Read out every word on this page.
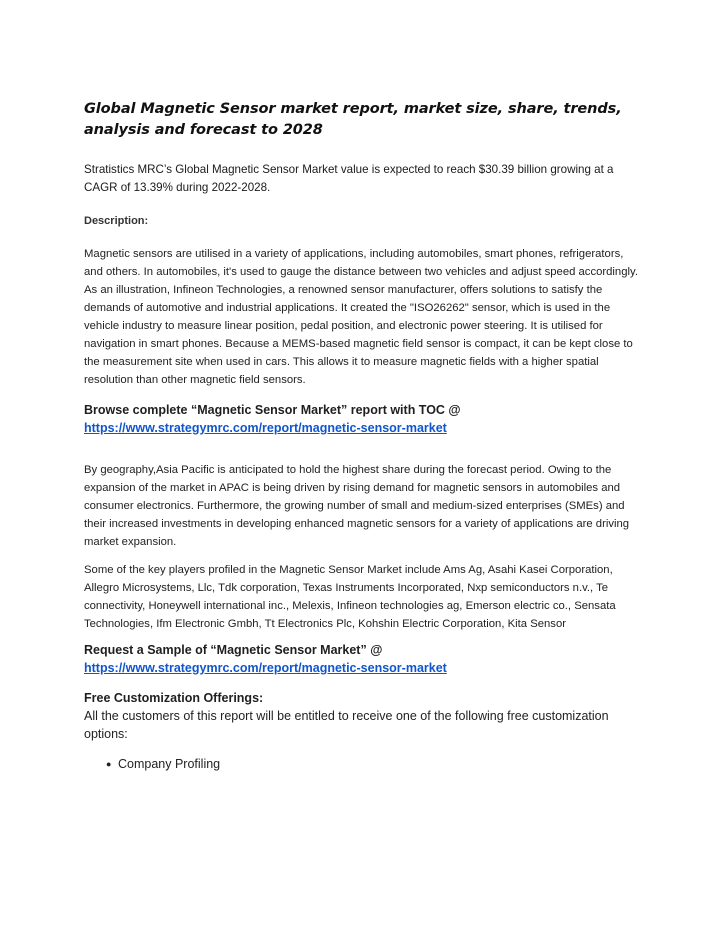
Global Magnetic Sensor market report, market size, share, trends, analysis and forecast to 2028

Stratistics MRC’s Global Magnetic Sensor Market value is expected to reach $30.39 billion growing at a CAGR of 13.39% during 2022-2028.

Description:

Magnetic sensors are utilised in a variety of applications, including automobiles, smart phones, refrigerators, and others. In automobiles, it's used to gauge the distance between two vehicles and adjust speed accordingly. As an illustration, Infineon Technologies, a renowned sensor manufacturer, offers solutions to satisfy the demands of automotive and industrial applications. It created the "ISO26262" sensor, which is used in the vehicle industry to measure linear position, pedal position, and electronic power steering. It is utilised for navigation in smart phones. Because a MEMS-based magnetic field sensor is compact, it can be kept close to the measurement site when used in cars. This allows it to measure magnetic fields with a higher spatial resolution than other magnetic field sensors.

Browse complete “Magnetic Sensor Market” report with TOC @
https://www.strategymrc.com/report/magnetic-sensor-market

By geography,Asia Pacific is anticipated to hold the highest share during the forecast period. Owing to the expansion of the market in APAC is being driven by rising demand for magnetic sensors in automobiles and consumer electronics. Furthermore, the growing number of small and medium-sized enterprises (SMEs) and their increased investments in developing enhanced magnetic sensors for a variety of applications are driving market expansion.

Some of the key players profiled in the Magnetic Sensor Market include Ams Ag, Asahi Kasei Corporation, Allegro Microsystems, Llc, Tdk corporation, Texas Instruments Incorporated, Nxp semiconductors n.v., Te connectivity, Honeywell international inc., Melexis, Infineon technologies ag, Emerson electric co., Sensata Technologies, Ifm Electronic Gmbh, Tt Electronics Plc, Kohshin Electric Corporation, Kita Sensor

Request a Sample of “Magnetic Sensor Market” @
https://www.strategymrc.com/report/magnetic-sensor-market
Free Customization Offerings:

All the customers of this report will be entitled to receive one of the following free customization options:

● Company Profiling
